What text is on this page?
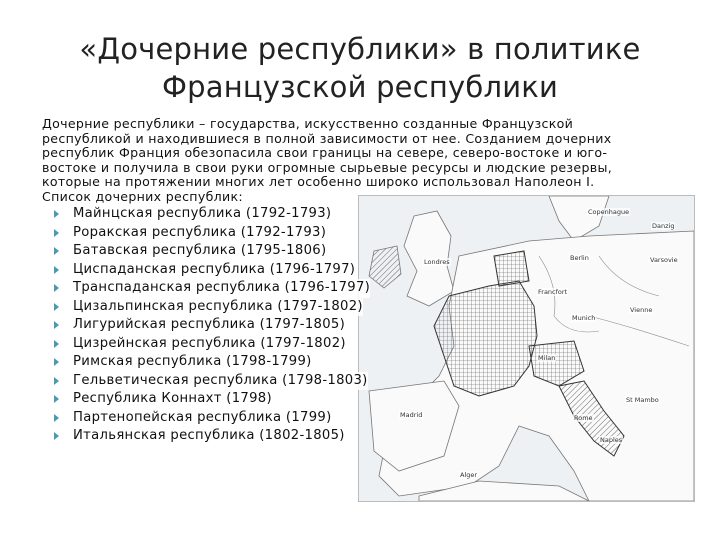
«Дочерние республики» в политике
Французской республики
Copenhague
Danzig
Londres	Berlin	Varsovie
Francfort
Vienne
Munich
Milan
Rome
Naples
Madrid
Alger
St Mambo
Дочерние республики – государства, искусственно созданные Французской
республикой и находившиеся в полной зависимости от нее. Созданием дочерних
республик Франция обезопасила свои границы на севере, северо-востоке и юго-
востоке и получила в свои руки огромные сырьевые ресурсы и людские резервы,
которые на протяжении многих лет особенно широко использовал Наполеон I.
Список дочерних республик:
Майнцская республика (1792-1793)
Роракская республика (1792-1793)
Батавская республика (1795-1806)
Циспаданская республика (1796-1797)
Транспаданская республика (1796-1797)
Цизальпинская республика (1797-1802)
Лигурийская республика (1797-1805)
Цизрейнская республика (1797-1802)
Римская республика (1798-1799)
Гельветическая республика (1798-1803)
Республика Коннахт (1798)
Партенопейская республика (1799)
Итальянская республика (1802-1805)
